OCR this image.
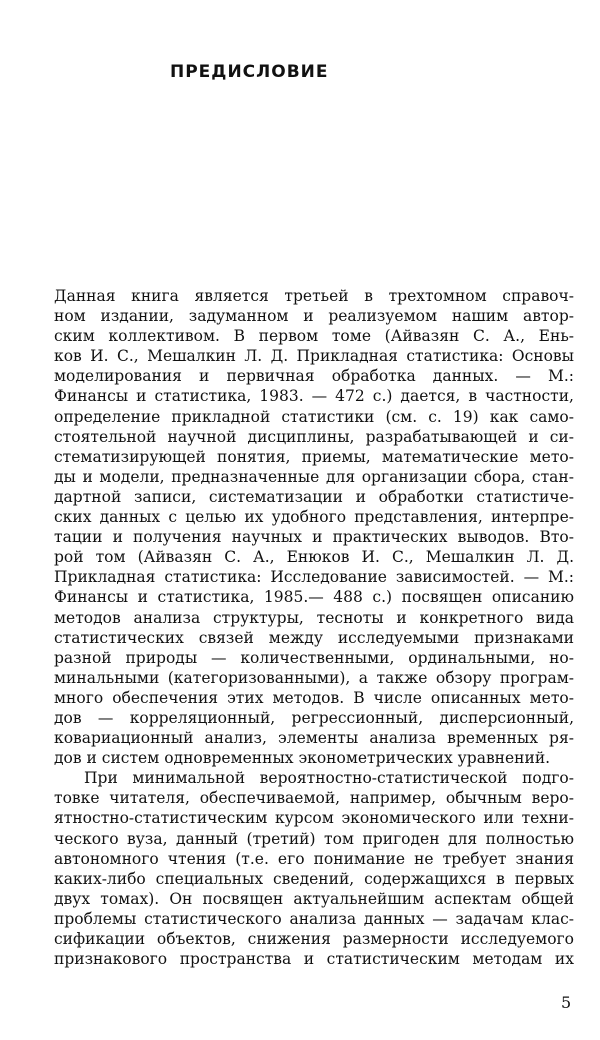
ПРЕДИСЛОВИЕ
Данная книга является третьей в трехтомном справоч-
ном издании, задуманном и реализуемом нашим автор-
ским коллективом. В первом томе (Айвазян С. А., Ень-
ков И. С., Мешалкин Л. Д. Прикладная статистика: Основы
моделирования и первичная обработка данных. — М.:
Финансы и статистика, 1983. — 472 с.) дается, в частности,
определение прикладной статистики (см. с. 19) как само-
стоятельной научной дисциплины, разрабатывающей и си-
стематизирующей понятия, приемы, математические мето-
ды и модели, предназначенные для организации сбора, стан-
дартной записи, систематизации и обработки статистиче-
ских данных с целью их удобного представления, интерпре-
тации и получения научных и практических выводов. Вто-
рой том (Айвазян С. А., Енюков И. С., Мешалкин Л. Д.
Прикладная статистика: Исследование зависимостей. — М.:
Финансы и статистика, 1985.— 488 с.) посвящен описанию
методов анализа структуры, тесноты и конкретного вида
статистических связей между исследуемыми признаками
разной природы — количественными, ординальными, но-
минальными (категоризованными), а также обзору програм-
много обеспечения этих методов. В числе описанных мето-
дов — корреляционный, регрессионный, дисперсионный,
ковариационный анализ, элементы анализа временных ря-
дов и систем одновременных эконометрических уравнений.
При минимальной вероятностно-статистической подго-
товке читателя, обеспечиваемой, например, обычным веро-
ятностно-статистическим курсом экономического или техни-
ческого вуза, данный (третий) том пригоден для полностью
автономного чтения (т.е. его понимание не требует знания
каких-либо специальных сведений, содержащихся в первых
двух томах). Он посвящен актуальнейшим аспектам общей
проблемы статистического анализа данных — задачам клас-
сификации объектов, снижения размерности исследуемого
признакового пространства и статистическим методам их
5
